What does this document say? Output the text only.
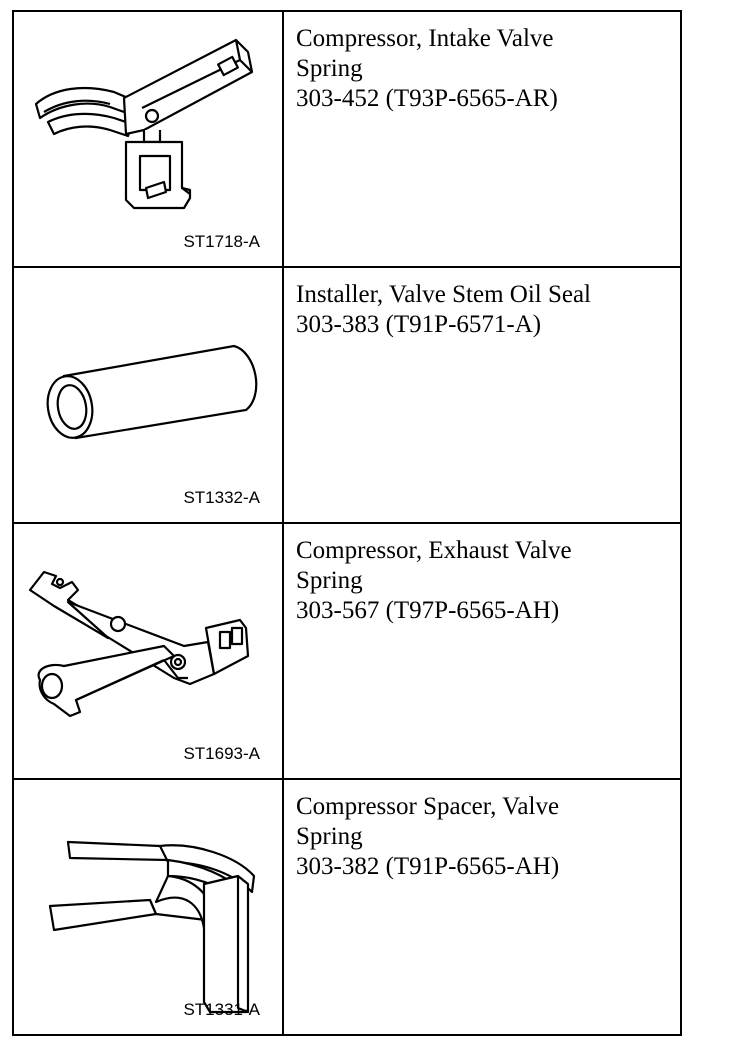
ST1718-A	Compressor, Intake Valve
Spring
303-452 (T93P-6565-AR)

ST1332-A	Installer, Valve Stem Oil Seal
303-383 (T91P-6571-A)

ST1693-A	Compressor, Exhaust Valve
Spring
303-567 (T97P-6565-AH)

ST1331-A	Compressor Spacer, Valve
Spring
303-382 (T91P-6565-AH)
